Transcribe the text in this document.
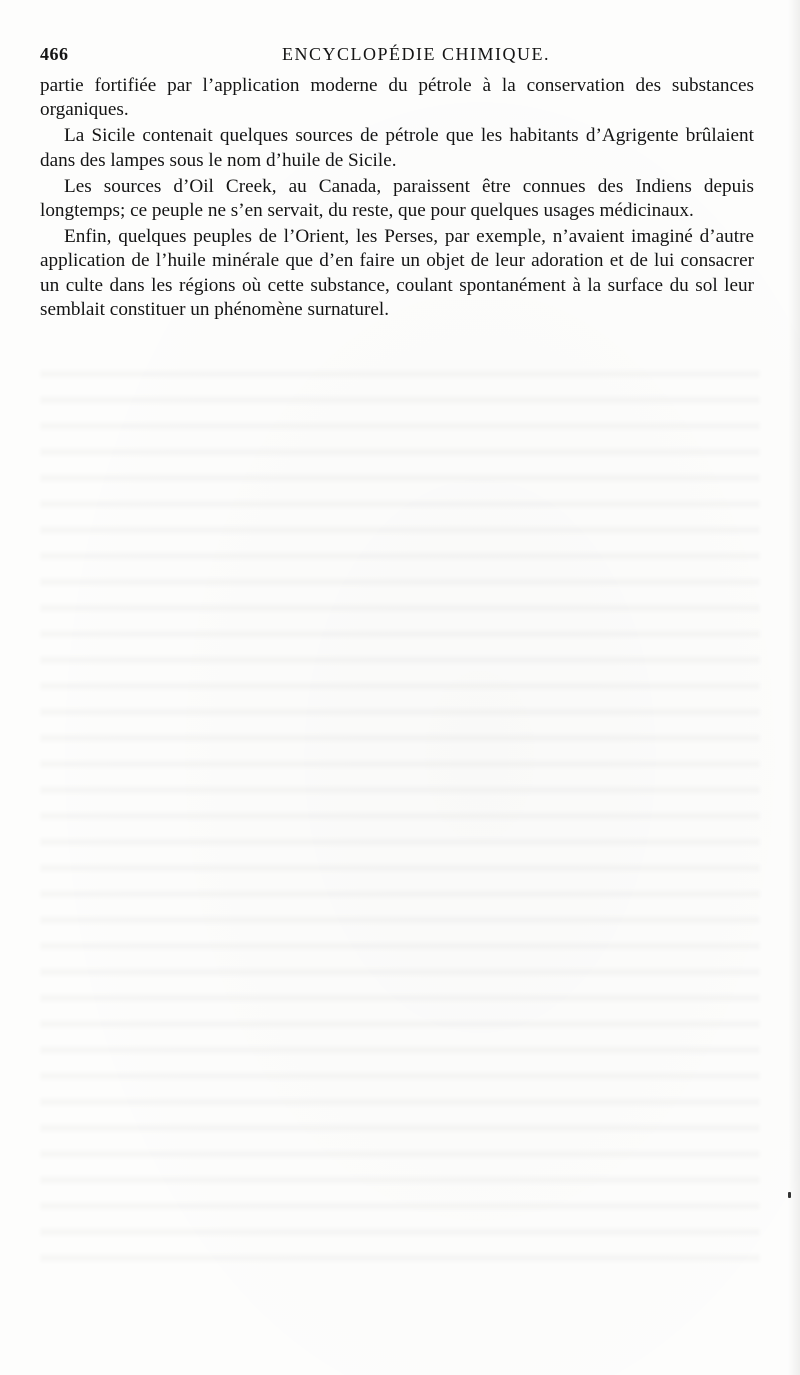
466	ENCYCLOPÉDIE CHIMIQUE.

partie fortifiée par l’application moderne du pétrole à la conservation des substances organiques.

La Sicile contenait quelques sources de pétrole que les habitants d’Agrigente brûlaient dans des lampes sous le nom d’huile de Sicile.

Les sources d’Oil Creek, au Canada, paraissent être connues des Indiens depuis longtemps; ce peuple ne s’en servait, du reste, que pour quelques usages médicinaux.

Enfin, quelques peuples de l’Orient, les Perses, par exemple, n’avaient imaginé d’autre application de l’huile minérale que d’en faire un objet de leur adoration et de lui consacrer un culte dans les régions où cette substance, coulant spontanément à la surface du sol leur semblait constituer un phénomène surnaturel.
